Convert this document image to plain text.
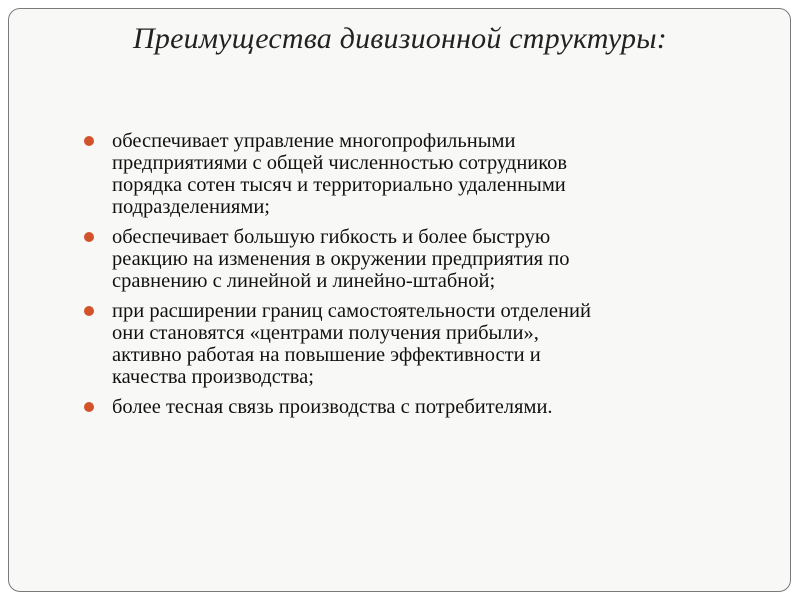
Преимущества дивизионной структуры:
обеспечивает управление многопрофильными
предприятиями с общей численностью сотрудников
порядка сотен тысяч и территориально удаленными
подразделениями;
обеспечивает большую гибкость и более быструю
реакцию на изменения в окружении предприятия по
сравнению с линейной и линейно-штабной;
при расширении границ самостоятельности отделений
они становятся «центрами получения прибыли»,
активно работая на повышение эффективности и
качества производства;
более тесная связь производства с потребителями.
